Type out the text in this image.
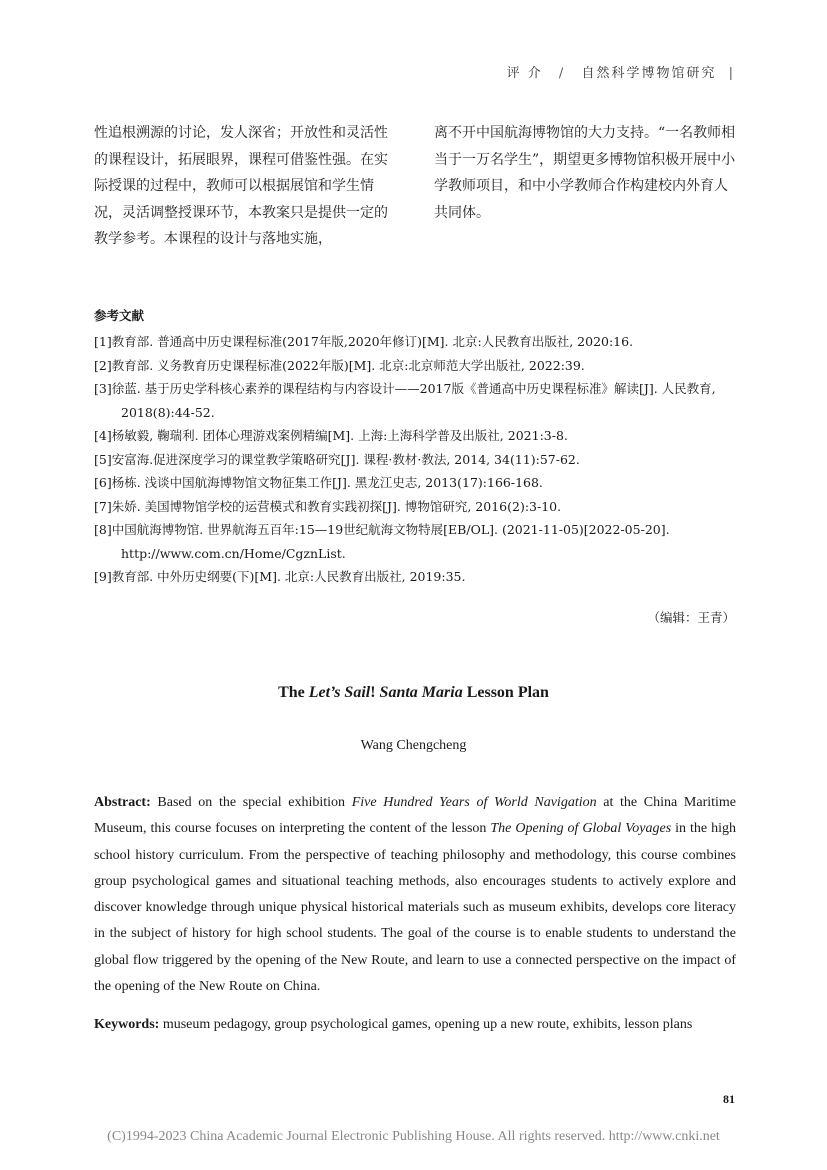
评 介 / 自然科学博物馆研究 |
性追根溯源的讨论，发人深省；开放性和灵活性的课程设计，拓展眼界，课程可借鉴性强。在实际授课的过程中，教师可以根据展馆和学生情况，灵活调整授课环节，本教案只是提供一定的教学参考。本课程的设计与落地实施，
离不开中国航海博物馆的大力支持。“一名教师相当于一万名学生”，期望更多博物馆积极开展中小学教师项目，和中小学教师合作构建校内外育人共同体。
参考文献
[1]教育部. 普通高中历史课程标准(2017年版,2020年修订)[M]. 北京:人民教育出版社, 2020:16.
[2]教育部. 义务教育历史课程标准(2022年版)[M]. 北京:北京师范大学出版社, 2022:39.
[3]徐蓝. 基于历史学科核心素养的课程结构与内容设计——2017版《普通高中历史课程标准》解读[J]. 人民教育, 2018(8):44-52.
[4]杨敏毅, 鞠瑞利. 团体心理游戏案例精编[M]. 上海:上海科学普及出版社, 2021:3-8.
[5]安富海.促进深度学习的课堂教学策略研究[J]. 课程·教材·教法, 2014, 34(11):57-62.
[6]杨栋. 浅谈中国航海博物馆文物征集工作[J]. 黑龙江史志, 2013(17):166-168.
[7]朱娇. 美国博物馆学校的运营模式和教育实践初探[J]. 博物馆研究, 2016(2):3-10.
[8]中国航海博物馆. 世界航海五百年:15—19世纪航海文物特展[EB/OL]. (2021-11-05)[2022-05-20]. http://www.com.cn/Home/CgznList.
[9]教育部. 中外历史纲要(下)[M]. 北京:人民教育出版社, 2019:35.
（编辑：王青）
The Let’s Sail! Santa Maria Lesson Plan
Wang Chengcheng

Abstract: Based on the special exhibition Five Hundred Years of World Navigation at the China Maritime Museum, this course focuses on interpreting the content of the lesson The Opening of Global Voyages in the high school history curriculum. From the perspective of teaching philosophy and methodology, this course combines group psychological games and situational teaching methods, also encourages students to actively explore and discover knowledge through unique physical historical materials such as museum exhibits, develops core literacy in the subject of history for high school students. The goal of the course is to enable students to understand the global flow triggered by the opening of the New Route, and learn to use a connected perspective on the impact of the opening of the New Route on China.

Keywords: museum pedagogy, group psychological games, opening up a new route, exhibits, lesson plans

81
(C)1994-2023 China Academic Journal Electronic Publishing House. All rights reserved. http://www.cnki.net
